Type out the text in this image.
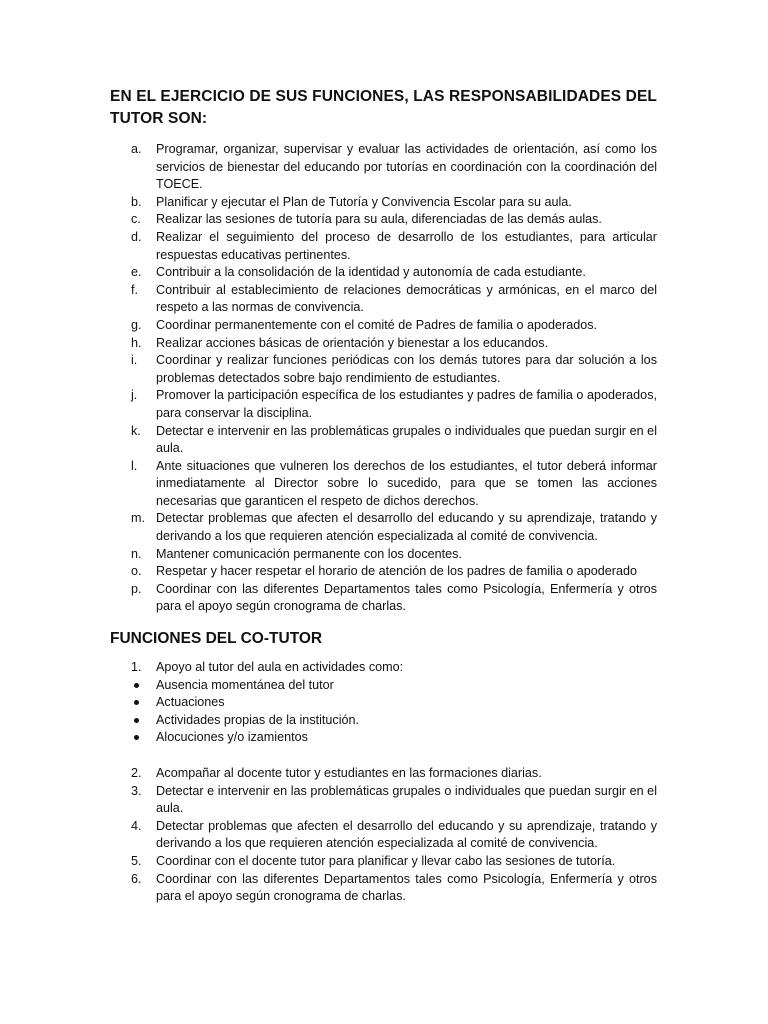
EN EL EJERCICIO DE SUS FUNCIONES, LAS RESPONSABILIDADES DEL TUTOR SON:
a. Programar, organizar, supervisar y evaluar las actividades de orientación, así como los servicios de bienestar del educando por tutorías en coordinación con la coordinación del TOECE.
b. Planificar y ejecutar el Plan de Tutoría y Convivencia Escolar para su aula.
c. Realizar las sesiones de tutoría para su aula, diferenciadas de las demás aulas.
d. Realizar el seguimiento del proceso de desarrollo de los estudiantes, para articular respuestas educativas pertinentes.
e. Contribuir a la consolidación de la identidad y autonomía de cada estudiante.
f. Contribuir al establecimiento de relaciones democráticas y armónicas, en el marco del respeto a las normas de convivencia.
g. Coordinar permanentemente con el comité de Padres de familia o apoderados.
h. Realizar acciones básicas de orientación y bienestar a los educandos.
i. Coordinar y realizar funciones periódicas con los demás tutores para dar solución a los problemas detectados sobre bajo rendimiento de estudiantes.
j. Promover la participación específica de los estudiantes y padres de familia o apoderados, para conservar la disciplina.
k. Detectar e intervenir en las problemáticas grupales o individuales que puedan surgir en el aula.
l. Ante situaciones que vulneren los derechos de los estudiantes, el tutor deberá informar inmediatamente al Director sobre lo sucedido, para que se tomen las acciones necesarias que garanticen el respeto de dichos derechos.
m. Detectar problemas que afecten el desarrollo del educando y su aprendizaje, tratando y derivando a los que requieren atención especializada al comité de convivencia.
n. Mantener comunicación permanente con los docentes.
o. Respetar y hacer respetar el horario de atención de los padres de familia o apoderado
p. Coordinar con las diferentes Departamentos tales como Psicología, Enfermería y otros para el apoyo según cronograma de charlas.
FUNCIONES DEL CO-TUTOR
1. Apoyo al tutor del aula en actividades como:
Ausencia momentánea del tutor
Actuaciones
Actividades propias de la institución.
Alocuciones y/o izamientos
2. Acompañar al docente tutor y estudiantes en las formaciones diarias.
3. Detectar e intervenir en las problemáticas grupales o individuales que puedan surgir en el aula.
4. Detectar problemas que afecten el desarrollo del educando y su aprendizaje, tratando y derivando a los que requieren atención especializada al comité de convivencia.
5. Coordinar con el docente tutor para planificar y llevar cabo las sesiones de tutoría.
6. Coordinar con las diferentes Departamentos tales como Psicología, Enfermería y otros para el apoyo según cronograma de charlas.
